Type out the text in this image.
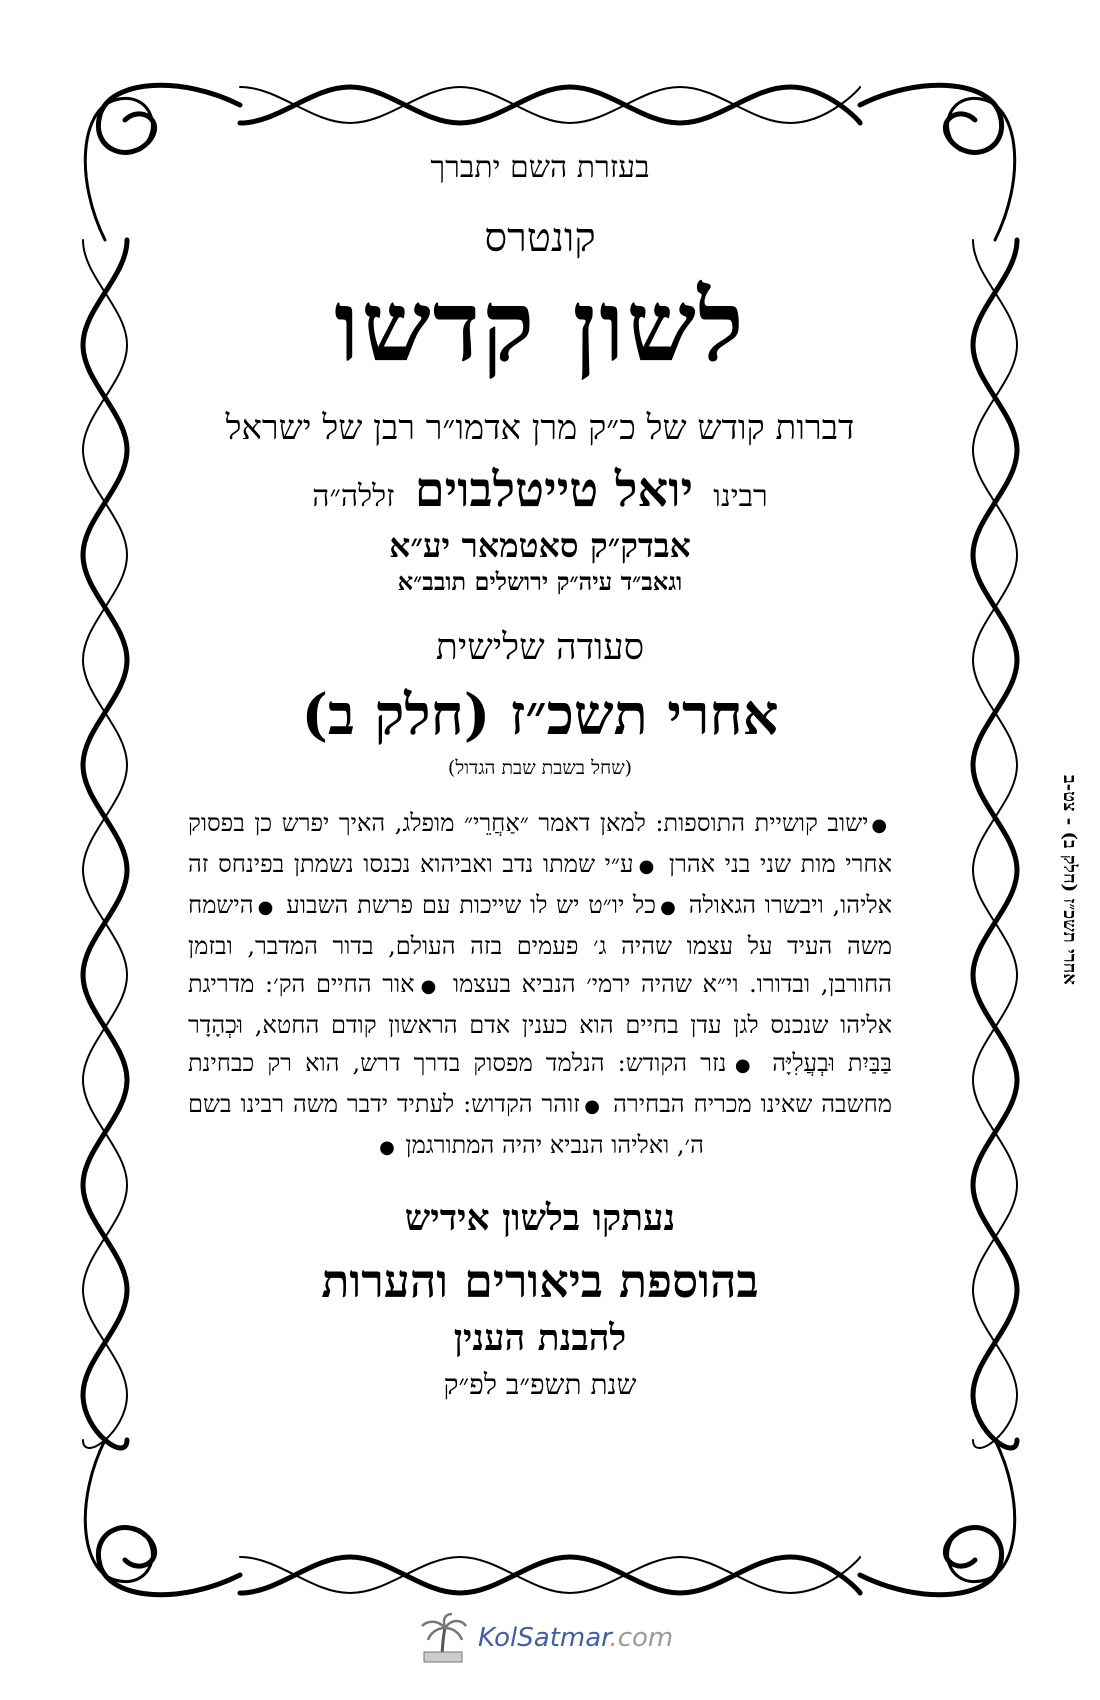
בעזרת השם יתברך
קונטרס
לשון קדשו
דברות קודש של כ״ק מרן אדמו״ר רבן של ישראל
רבינו יואל טייטלבוים זללה״ה
אבדק״ק סאטמאר יע״א
וגאב״ד עיה״ק ירושלים תובב״א
סעודה שלישית
אחרי תשכ״ז (חלק ב)
(שחל בשבת שבת הגדול)
●ישוב קושיית התוספות: למאן דאמר ״אַחֲרֵי״ מופלג, האיך יפרש כן בפסוק אחרי מות שני בני אהרן ●ע״י שמתו נדב ואביהוא נכנסו נשמתן בפינחס זה אליהו, ויבשרו הגאולה ●כל יו״ט יש לו שייכות עם פרשת השבוע ●הישמח משה העיד על עצמו שהיה ג׳ פעמים בזה העולם, בדור המדבר, ובזמן החורבן, ובדורו. וי״א שהיה ירמי׳ הנביא בעצמו ●אור החיים הק׳: מדריגת אליהו שנכנס לגן עדן בחיים הוא כענין אדם הראשון קודם החטא, וּכְהָדָר בַּבַּיִת וּבְעֲלִיָּה ●נזר הקודש: הנלמד מפסוק בדרך דרש, הוא רק כבחינת מחשבה שאינו מכריח הבחירה ●זוהר הקדוש: לעתיד ידבר משה רבינו בשם ה׳, ואליהו הנביא יהיה המתורגמן ●
נעתקו בלשון אידיש
בהוספת ביאורים והערות
להבנת הענין
שנת תשפ״ב לפ״ק
אחרי תשכ״ז (חלק ב) - צט-ב
KolSatmar.com
